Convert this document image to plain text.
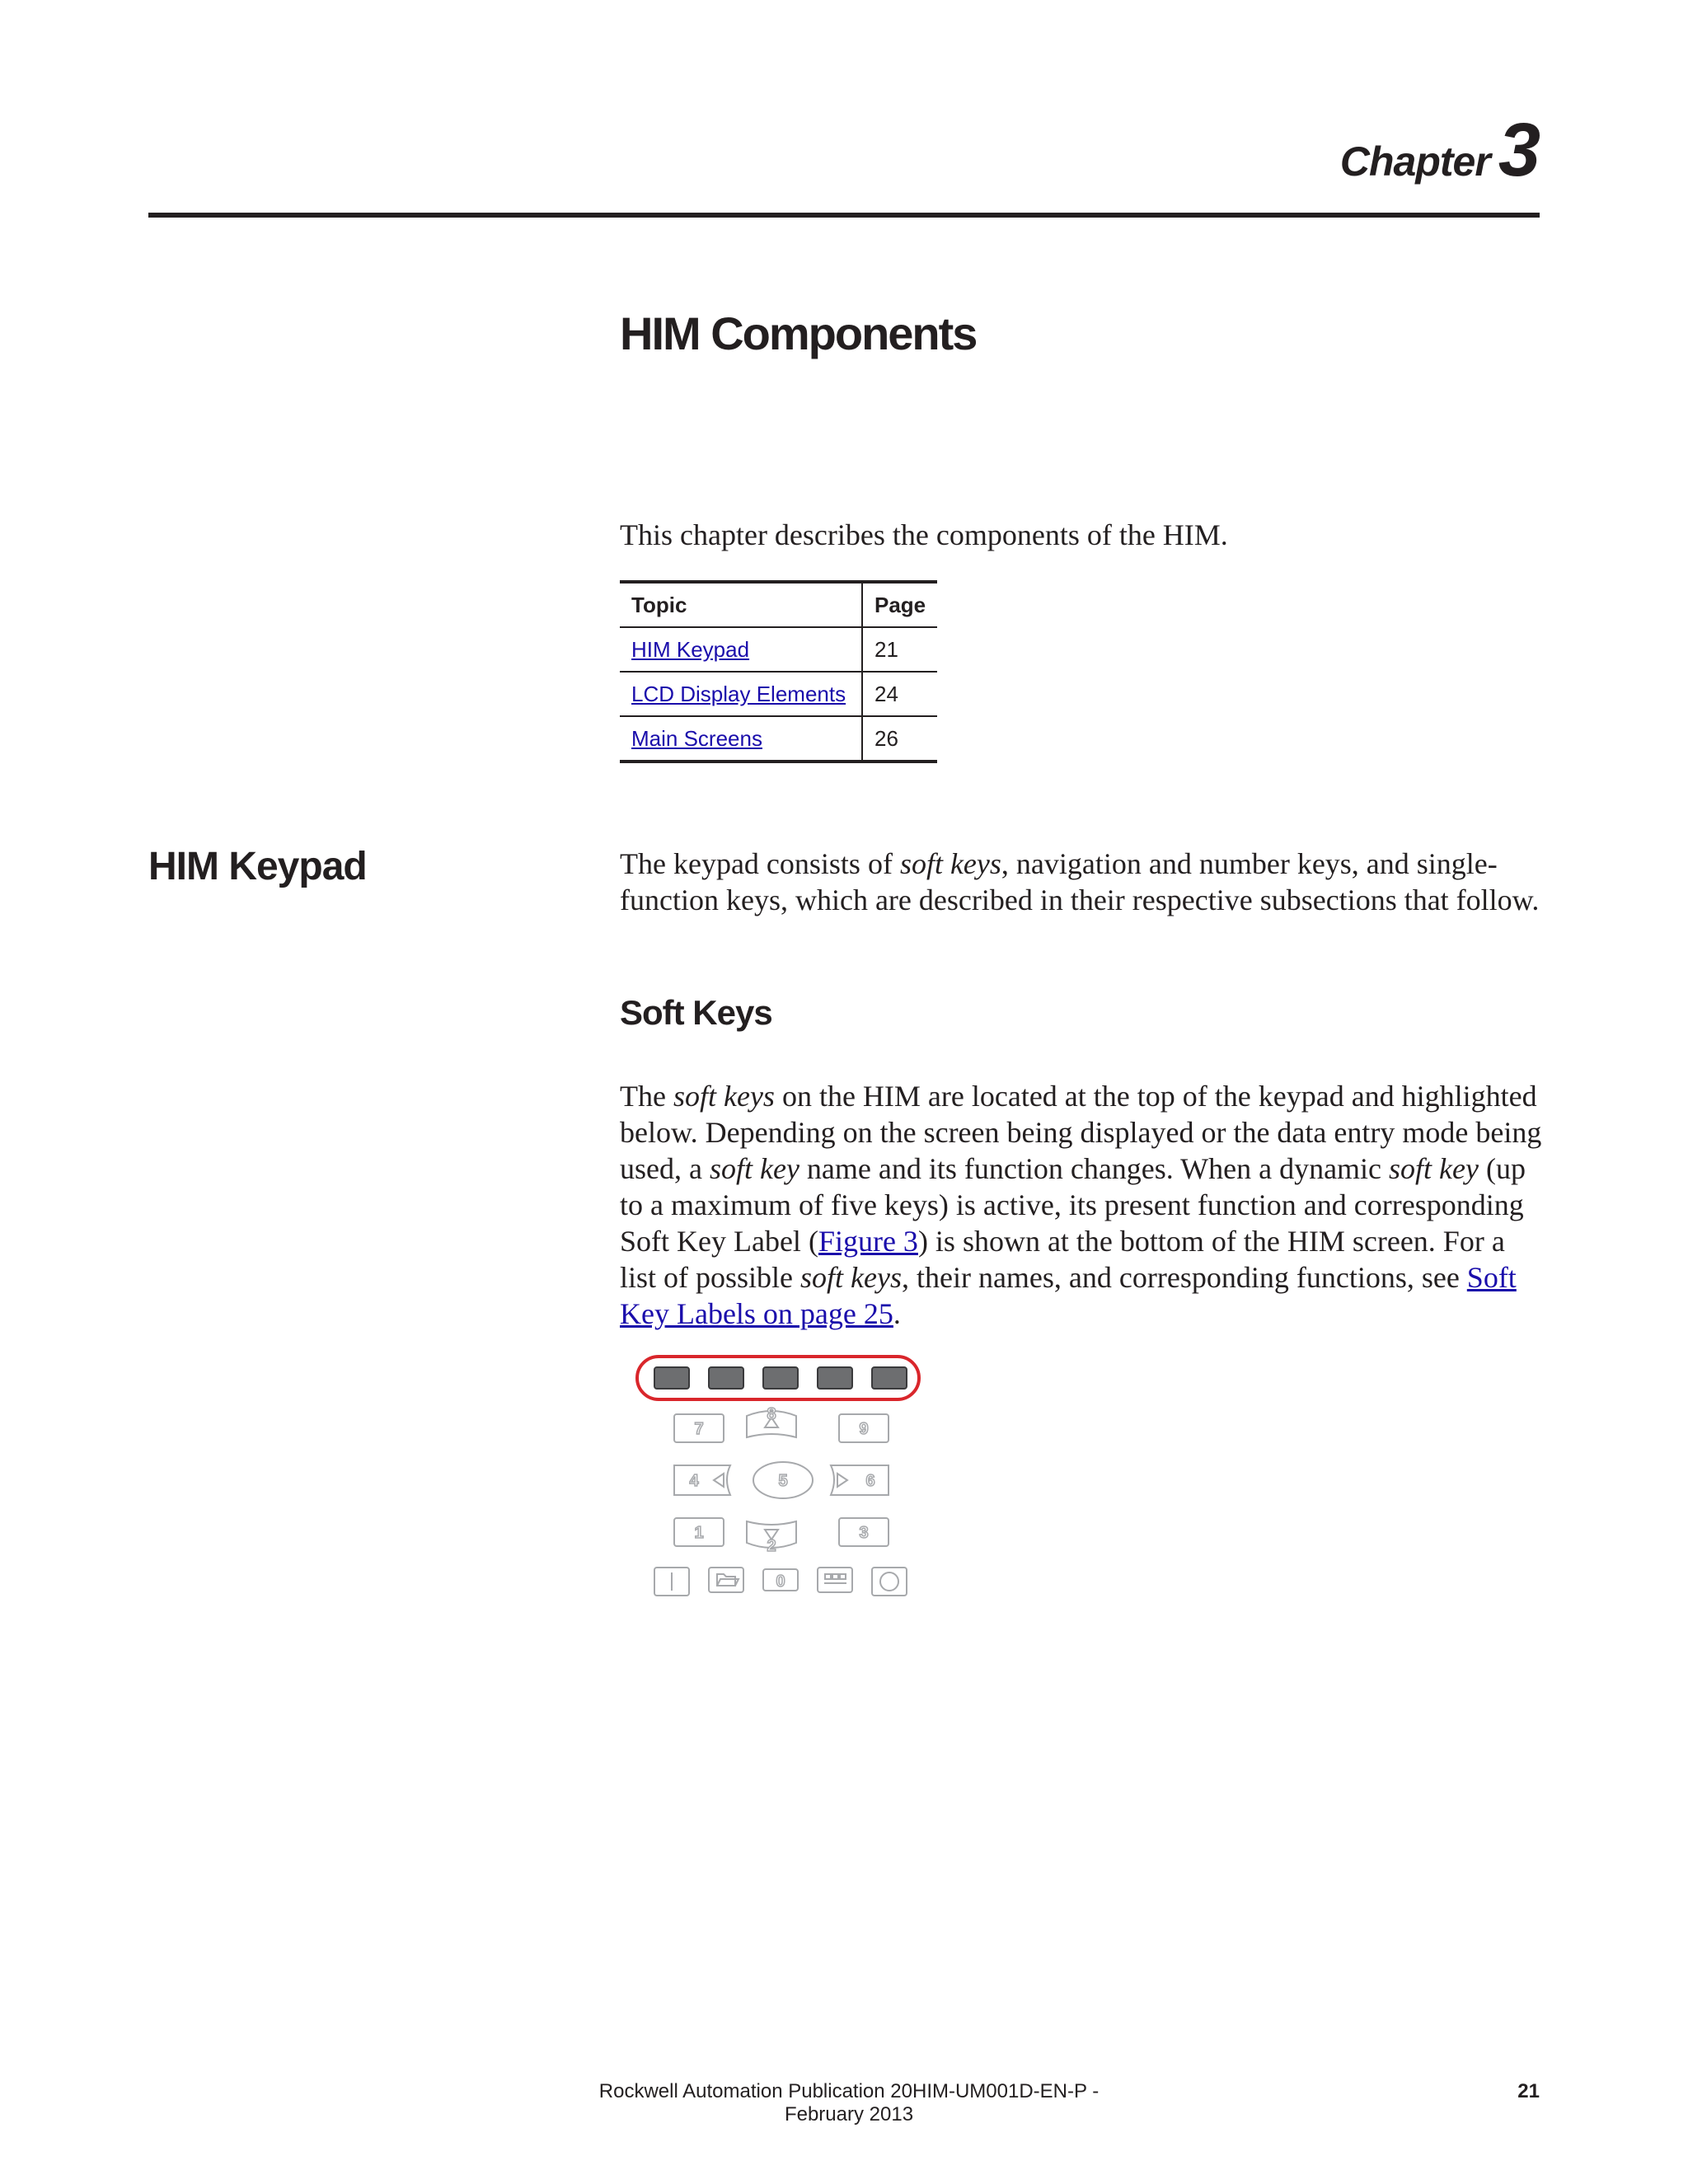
Chapter 3
HIM Components
This chapter describes the components of the HIM.
Topic	Page
HIM Keypad	21
LCD Display Elements	24
Main Screens	26
HIM Keypad	The keypad consists of soft keys, navigation and number keys, and single-function keys, which are described in their respective subsections that follow.

Soft Keys

The soft keys on the HIM are located at the top of the keypad and highlighted below. Depending on the screen being displayed or the data entry mode being used, a soft key name and its function changes. When a dynamic soft key (up to a maximum of five keys) is active, its present function and corresponding Soft Key Label (Figure 3) is shown at the bottom of the HIM screen. For a list of possible soft keys, their names, and corresponding functions, see Soft Key Labels on page 25.

7
8
9
4	5	6
1
2
3
0
Rockwell Automation Publication 20HIM-UM001D-EN-P - February 2013
21
